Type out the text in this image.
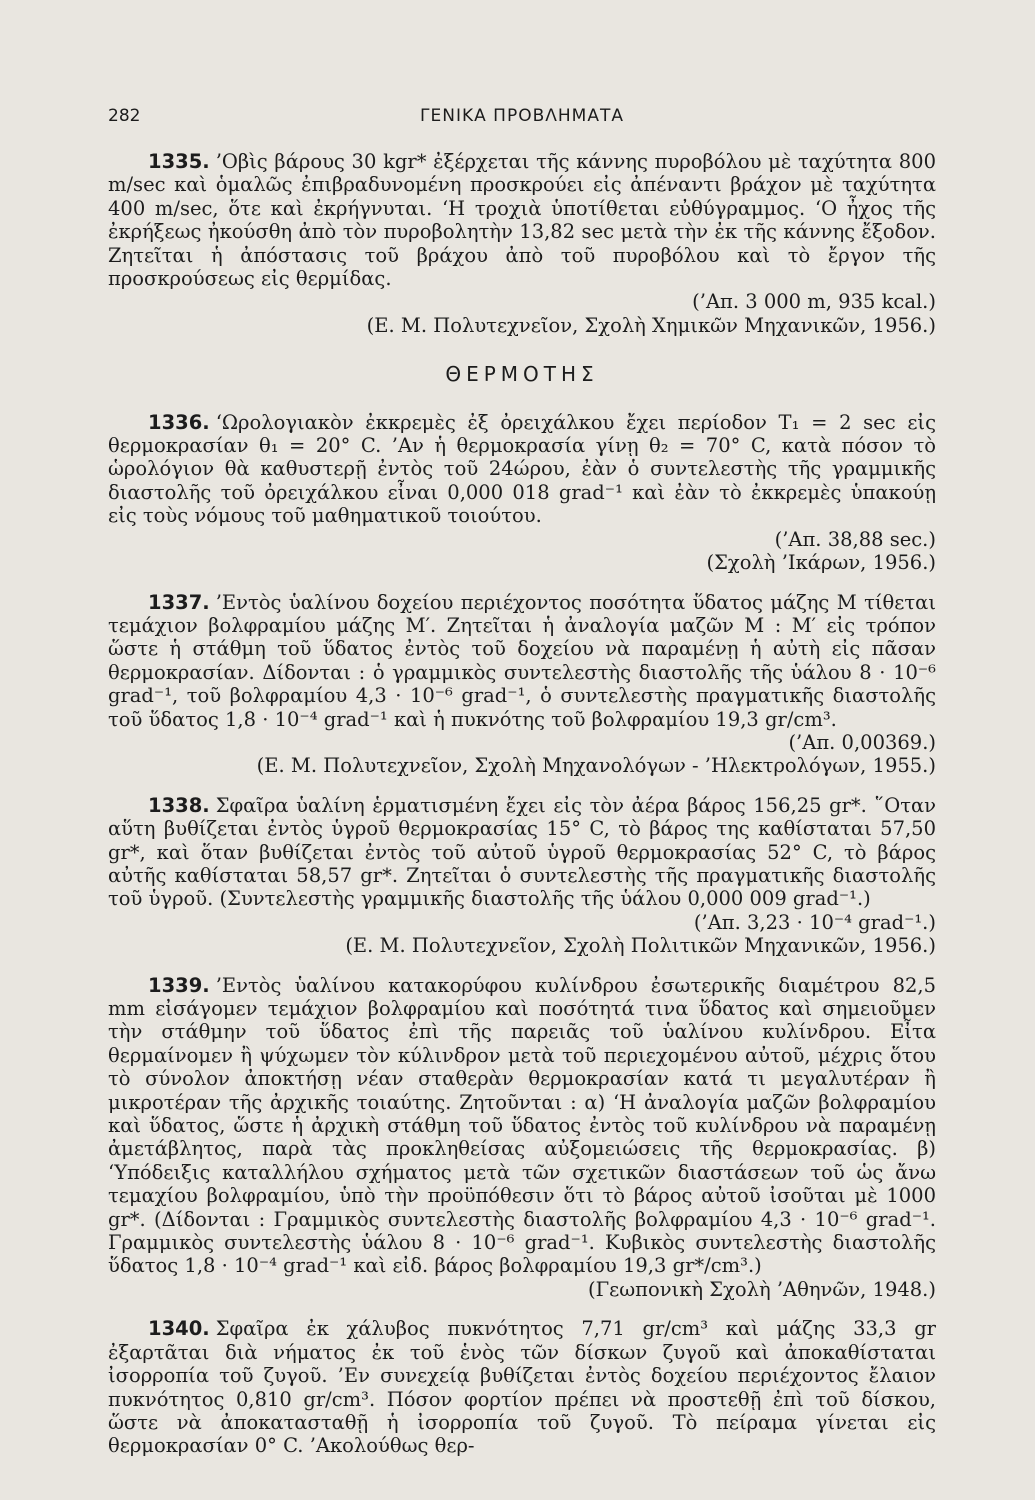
282	ΓΕΝΙΚΑ ΠΡΟΒΛΗΜΑΤΑ

1335. ’Οβὶς βάρους 30 kgr* ἐξέρχεται τῆς κάννης πυροβόλου μὲ ταχύτητα 800 m/sec καὶ ὁμαλῶς ἐπιβραδυνομένη προσκρούει εἰς ἀπέναντι βράχον μὲ ταχύτητα 400 m/sec, ὅτε καὶ ἐκρήγνυται. ‘Η τροχιὰ ὑποτίθεται εὐθύγραμμος. ‘Ο ἦχος τῆς ἐκρήξεως ἠκούσθη ἀπὸ τὸν πυροβολητὴν 13,82 sec μετὰ τὴν ἐκ τῆς κάννης ἔξοδον. Ζητεῖται ἡ ἀπόστασις τοῦ βράχου ἀπὸ τοῦ πυροβόλου καὶ τὸ ἔργον τῆς προσκρούσεως εἰς θερμίδας.

(’Απ. 3 000 m, 935 kcal.)
(Ε. Μ. Πολυτεχνεῖον, Σχολὴ Χημικῶν Μηχανικῶν, 1956.)
ΘΕΡΜΟΤΗΣ

1336. ‘Ωρολογιακὸν ἐκκρεμὲς ἐξ ὀρειχάλκου ἔχει περίοδον T₁ = 2 sec εἰς θερμοκρασίαν θ₁ = 20° C. ’Αν ἡ θερμοκρασία γίνῃ θ₂ = 70° C, κατὰ πόσον τὸ ὡρολόγιον θὰ καθυστερῇ ἐντὸς τοῦ 24ώρου, ἐὰν ὁ συντελεστὴς τῆς γραμμικῆς διαστολῆς τοῦ ὀρειχάλκου εἶναι 0,000 018 grad⁻¹ καὶ ἐὰν τὸ ἐκκρεμὲς ὑπακούῃ εἰς τοὺς νόμους τοῦ μαθηματικοῦ τοιούτου.

(’Απ. 38,88 sec.)
(Σχολὴ ’Ικάρων, 1956.)

1337. ’Εντὸς ὑαλίνου δοχείου περιέχοντος ποσότητα ὕδατος μάζης M τίθεται τεμάχιον βολφραμίου μάζης M′. Ζητεῖται ἡ ἀναλογία μαζῶν M : M′ εἰς τρόπον ὥστε ἡ στάθμη τοῦ ὕδατος ἐντὸς τοῦ δοχείου νὰ παραμένῃ ἡ αὐτὴ εἰς πᾶσαν θερμοκρασίαν. Δίδονται : ὁ γραμμικὸς συντελεστὴς διαστολῆς τῆς ὑάλου 8 · 10⁻⁶ grad⁻¹, τοῦ βολφραμίου 4,3 · 10⁻⁶ grad⁻¹, ὁ συντελεστὴς πραγματικῆς διαστολῆς τοῦ ὕδατος 1,8 · 10⁻⁴ grad⁻¹ καὶ ἡ πυκνότης τοῦ βολφραμίου 19,3 gr/cm³.

(’Απ. 0,00369.)
(Ε. Μ. Πολυτεχνεῖον, Σχολὴ Μηχανολόγων - ’Ηλεκτρολόγων, 1955.)

1338. Σφαῖρα ὑαλίνη ἑρματισμένη ἔχει εἰς τὸν ἀέρα βάρος 156,25 gr*. ῞Οταν αὕτη βυθίζεται ἐντὸς ὑγροῦ θερμοκρασίας 15° C, τὸ βάρος της καθίσταται 57,50 gr*, καὶ ὅταν βυθίζεται ἐντὸς τοῦ αὐτοῦ ὑγροῦ θερμοκρασίας 52° C, τὸ βάρος αὐτῆς καθίσταται 58,57 gr*. Ζητεῖται ὁ συντελεστὴς τῆς πραγματικῆς διαστολῆς τοῦ ὑγροῦ. (Συντελεστὴς γραμμικῆς διαστολῆς τῆς ὑάλου 0,000 009 grad⁻¹.)

(’Απ. 3,23 · 10⁻⁴ grad⁻¹.)
(Ε. Μ. Πολυτεχνεῖον, Σχολὴ Πολιτικῶν Μηχανικῶν, 1956.)

1339. ’Εντὸς ὑαλίνου κατακορύφου κυλίνδρου ἐσωτερικῆς διαμέτρου 82,5 mm εἰσάγομεν τεμάχιον βολφραμίου καὶ ποσότητά τινα ὕδατος καὶ σημειοῦμεν τὴν στάθμην τοῦ ὕδατος ἐπὶ τῆς παρειᾶς τοῦ ὑαλίνου κυλίνδρου. Εἶτα θερμαίνομεν ἢ ψύχωμεν τὸν κύλινδρον μετὰ τοῦ περιεχομένου αὐτοῦ, μέχρις ὅτου τὸ σύνολον ἀποκτήσῃ νέαν σταθερὰν θερμοκρασίαν κατά τι μεγαλυτέραν ἢ μικροτέραν τῆς ἀρχικῆς τοιαύτης. Ζητοῦνται : α) ‘Η ἀναλογία μαζῶν βολφραμίου καὶ ὕδατος, ὥστε ἡ ἀρχικὴ στάθμη τοῦ ὕδατος ἐντὸς τοῦ κυλίνδρου νὰ παραμένῃ ἀμετάβλητος, παρὰ τὰς προκληθείσας αὐξομειώσεις τῆς θερμοκρασίας. β) ‘Υπόδειξις καταλλήλου σχήματος μετὰ τῶν σχετικῶν διαστάσεων τοῦ ὡς ἄνω τεμαχίου βολφραμίου, ὑπὸ τὴν προϋπόθεσιν ὅτι τὸ βάρος αὐτοῦ ἰσοῦται μὲ 1000 gr*. (Δίδονται : Γραμμικὸς συντελεστὴς διαστολῆς βολφραμίου 4,3 · 10⁻⁶ grad⁻¹. Γραμμικὸς συντελεστὴς ὑάλου 8 · 10⁻⁶ grad⁻¹. Κυβικὸς συντελεστὴς διαστολῆς ὕδατος 1,8 · 10⁻⁴ grad⁻¹ καὶ εἰδ. βάρος βολφραμίου 19,3 gr*/cm³.)

(Γεωπονικὴ Σχολὴ ’Αθηνῶν, 1948.)

1340. Σφαῖρα ἐκ χάλυβος πυκνότητος 7,71 gr/cm³ καὶ μάζης 33,3 gr ἐξαρτᾶται διὰ νήματος ἐκ τοῦ ἑνὸς τῶν δίσκων ζυγοῦ καὶ ἀποκαθίσταται ἰσορροπία τοῦ ζυγοῦ. ’Εν συνεχείᾳ βυθίζεται ἐντὸς δοχείου περιέχοντος ἔλαιον πυκνότητος 0,810 gr/cm³. Πόσον φορτίον πρέπει νὰ προστεθῇ ἐπὶ τοῦ δίσκου, ὥστε νὰ ἀποκατασταθῇ ἡ ἰσορροπία τοῦ ζυγοῦ. Τὸ πείραμα γίνεται εἰς θερμοκρασίαν 0° C. ’Ακολούθως θερ-
